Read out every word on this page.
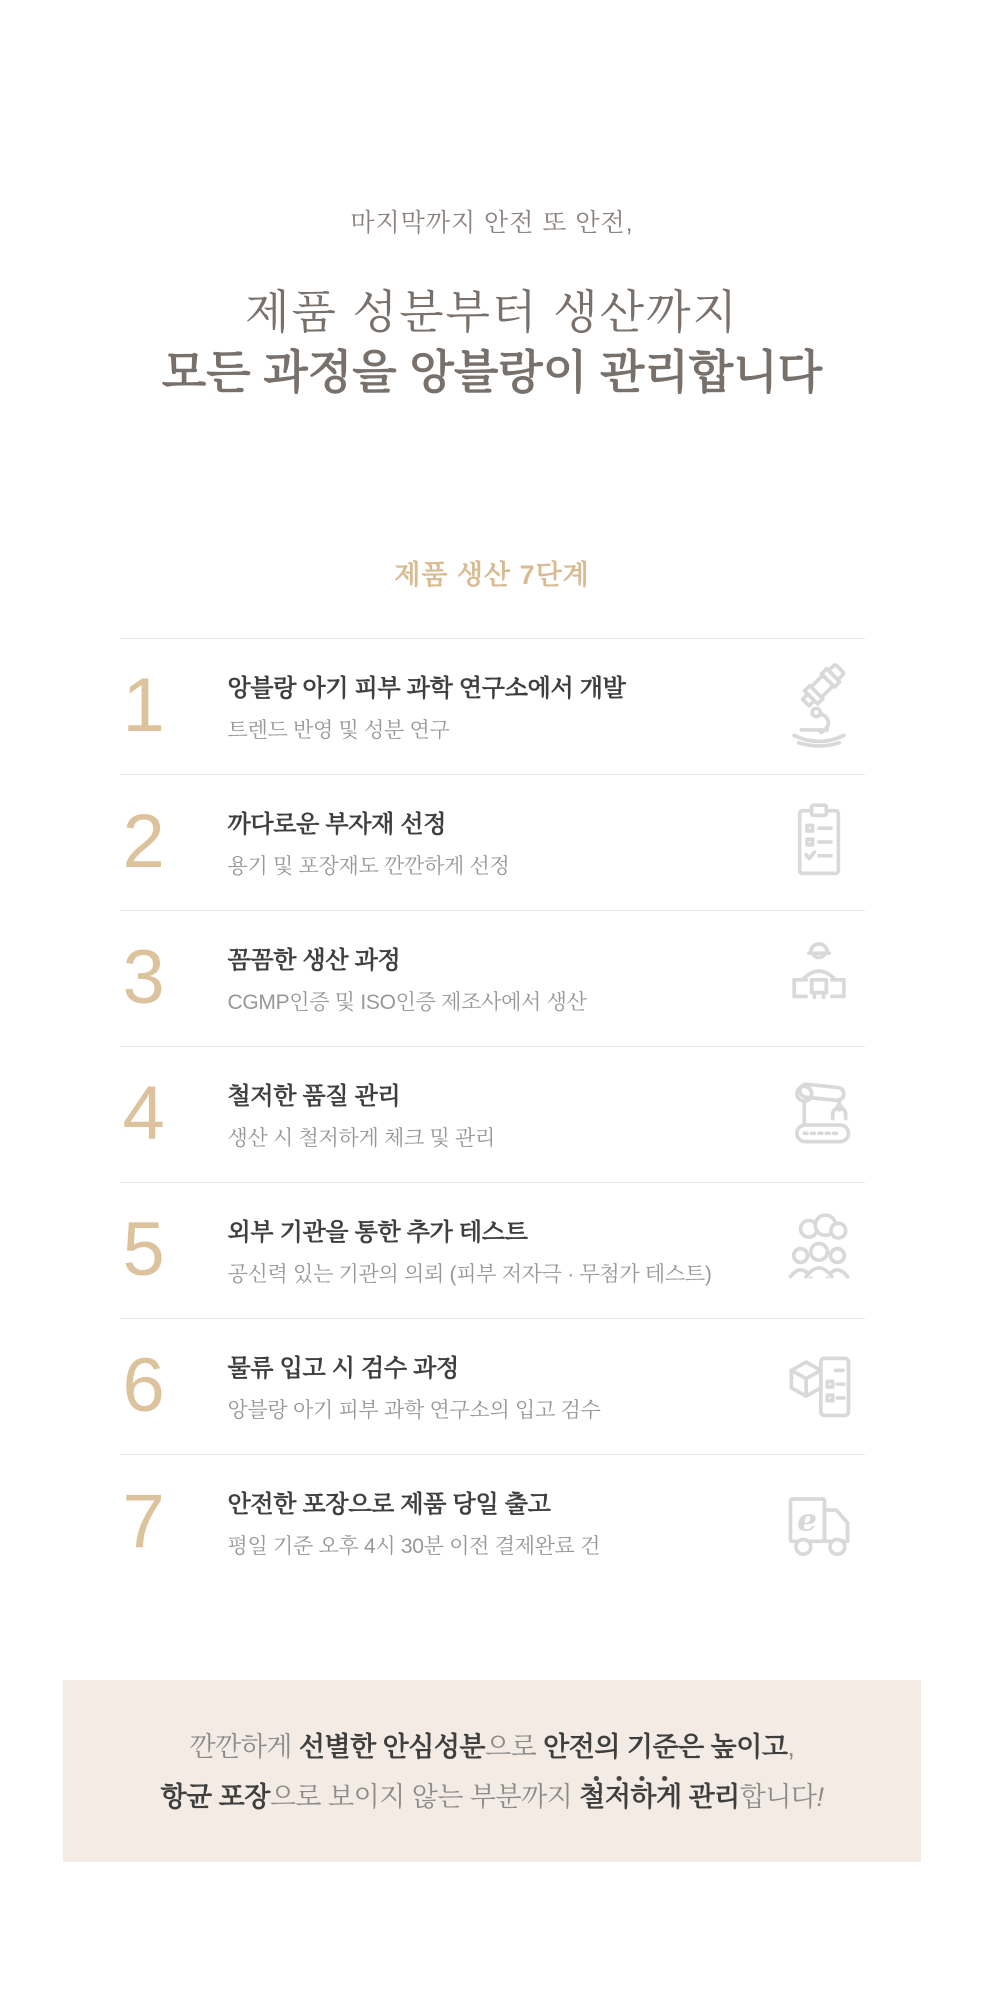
마지막까지 안전 또 안전,
제품 성분부터 생산까지
모든 과정을 앙블랑이 관리합니다
제품 생산 7단계
1	앙블랑 아기 피부 과학 연구소에서 개발
트렌드 반영 및 성분 연구
2	까다로운 부자재 선정
용기 및 포장재도 깐깐하게 선정
3	꼼꼼한 생산 과정
CGMP인증 및 ISO인증 제조사에서 생산
4	철저한 품질 관리
생산 시 철저하게 체크 및 관리
5	외부 기관을 통한 추가 테스트
공신력 있는 기관의 의뢰 (피부 저자극 · 무첨가 테스트)
6	물류 입고 시 검수 과정
앙블랑 아기 피부 과학 연구소의 입고 검수
7	안전한 포장으로 제품 당일 출고
평일 기준 오후 4시 30분 이전 결제완료 건
e
깐깐하게 선별한 안심성분으로 안전의 기준은 높이고,
항균 포장으로 보이지 않는 부분까지 철저하게 관리합니다!
